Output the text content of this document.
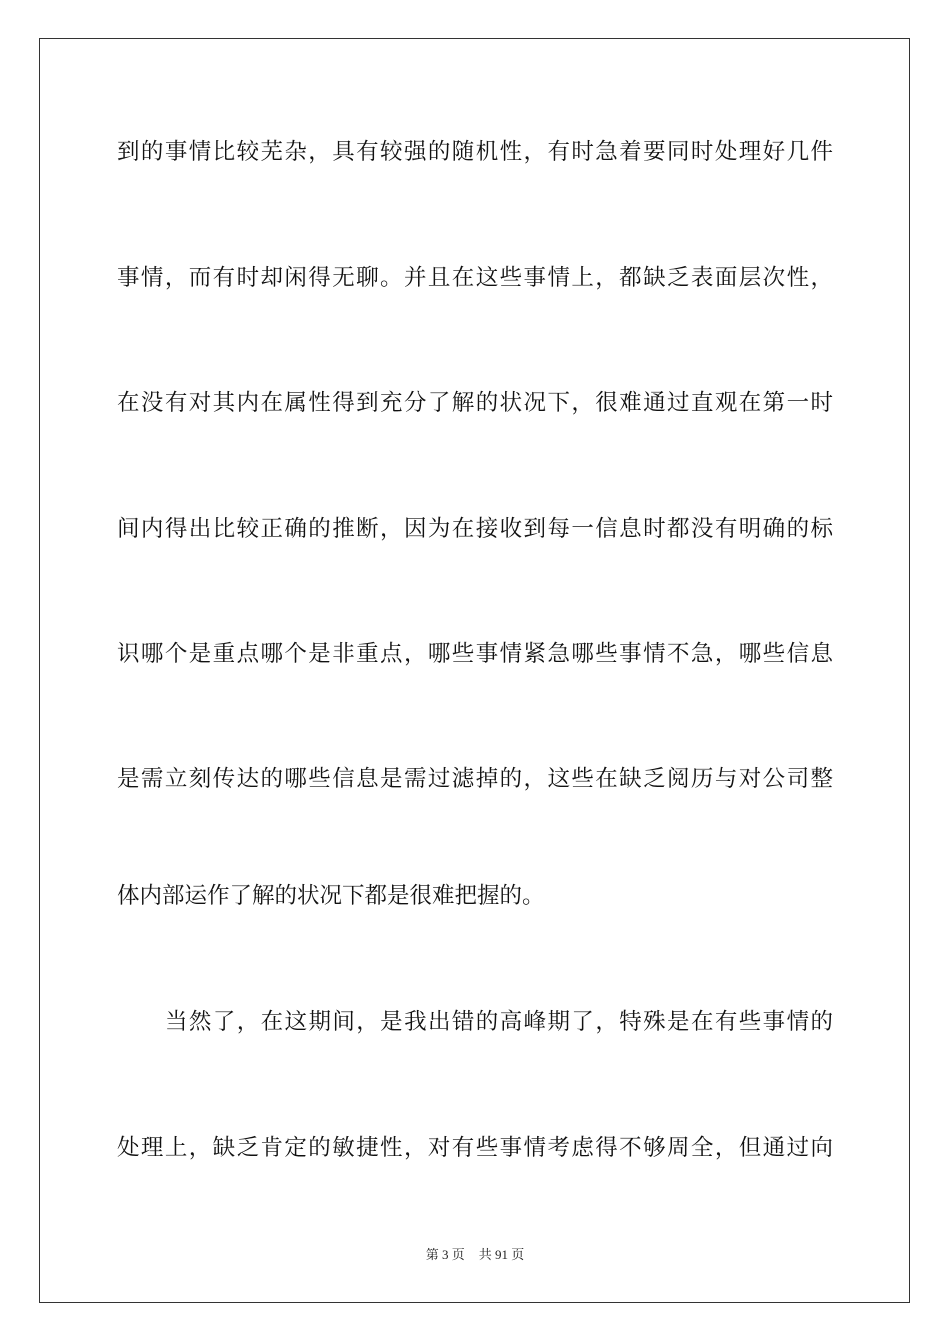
到的事情比较芜杂，具有较强的随机性，有时急着要同时处理好几件
事情，而有时却闲得无聊。并且在这些事情上，都缺乏表面层次性，
在没有对其内在属性得到充分了解的状况下，很难通过直观在第一时
间内得出比较正确的推断，因为在接收到每一信息时都没有明确的标
识哪个是重点哪个是非重点，哪些事情紧急哪些事情不急，哪些信息
是需立刻传达的哪些信息是需过滤掉的，这些在缺乏阅历与对公司整
体内部运作了解的状况下都是很难把握的。
当然了，在这期间，是我出错的高峰期了，特殊是在有些事情的
处理上，缺乏肯定的敏捷性，对有些事情考虑得不够周全，但通过向
第 3 页 共 91 页
